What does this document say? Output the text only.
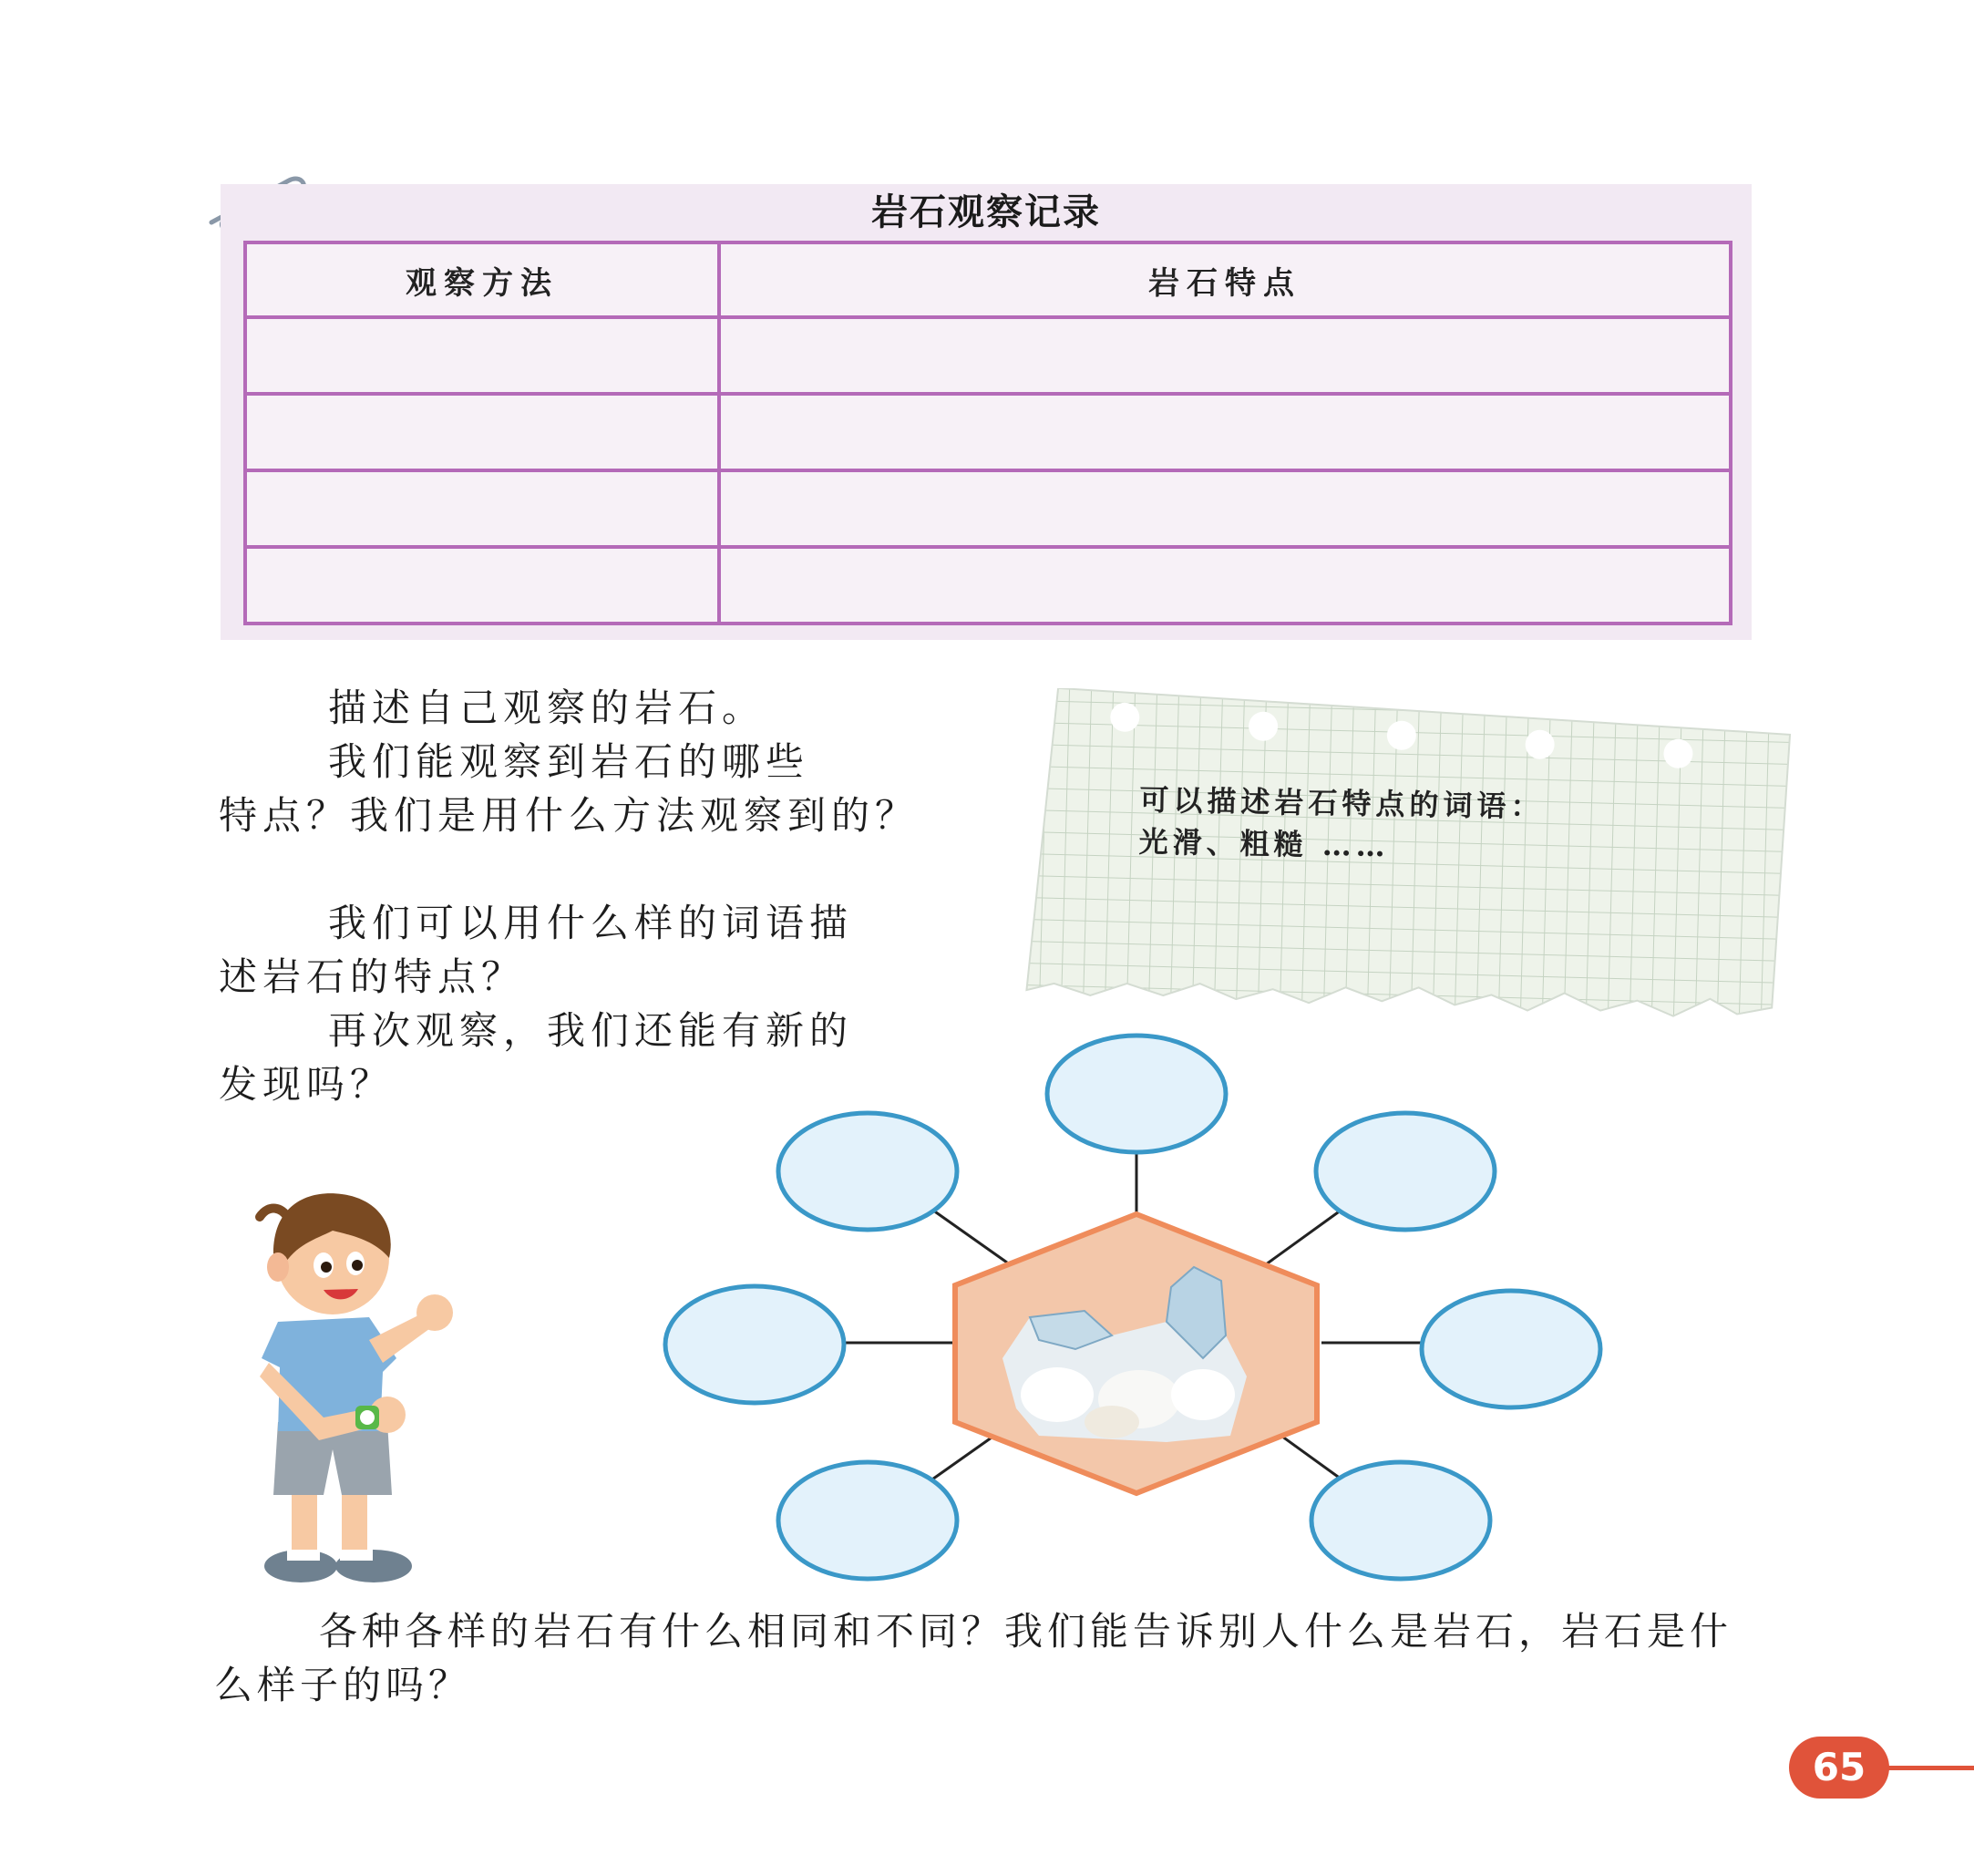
岩石观察记录
观察方法	岩石特点

描述自己观察的岩石。
我们能观察到岩石的哪些
特点？我们是用什么方法观察到的？
我们可以用什么样的词语描
述岩石的特点？
再次观察，我们还能有新的
发现吗？
可以描述岩石特点的词语：
光滑、粗糙 ……
各种各样的岩石有什么相同和不同？我们能告诉别人什么是岩石，岩石是什么样子的吗？
65
